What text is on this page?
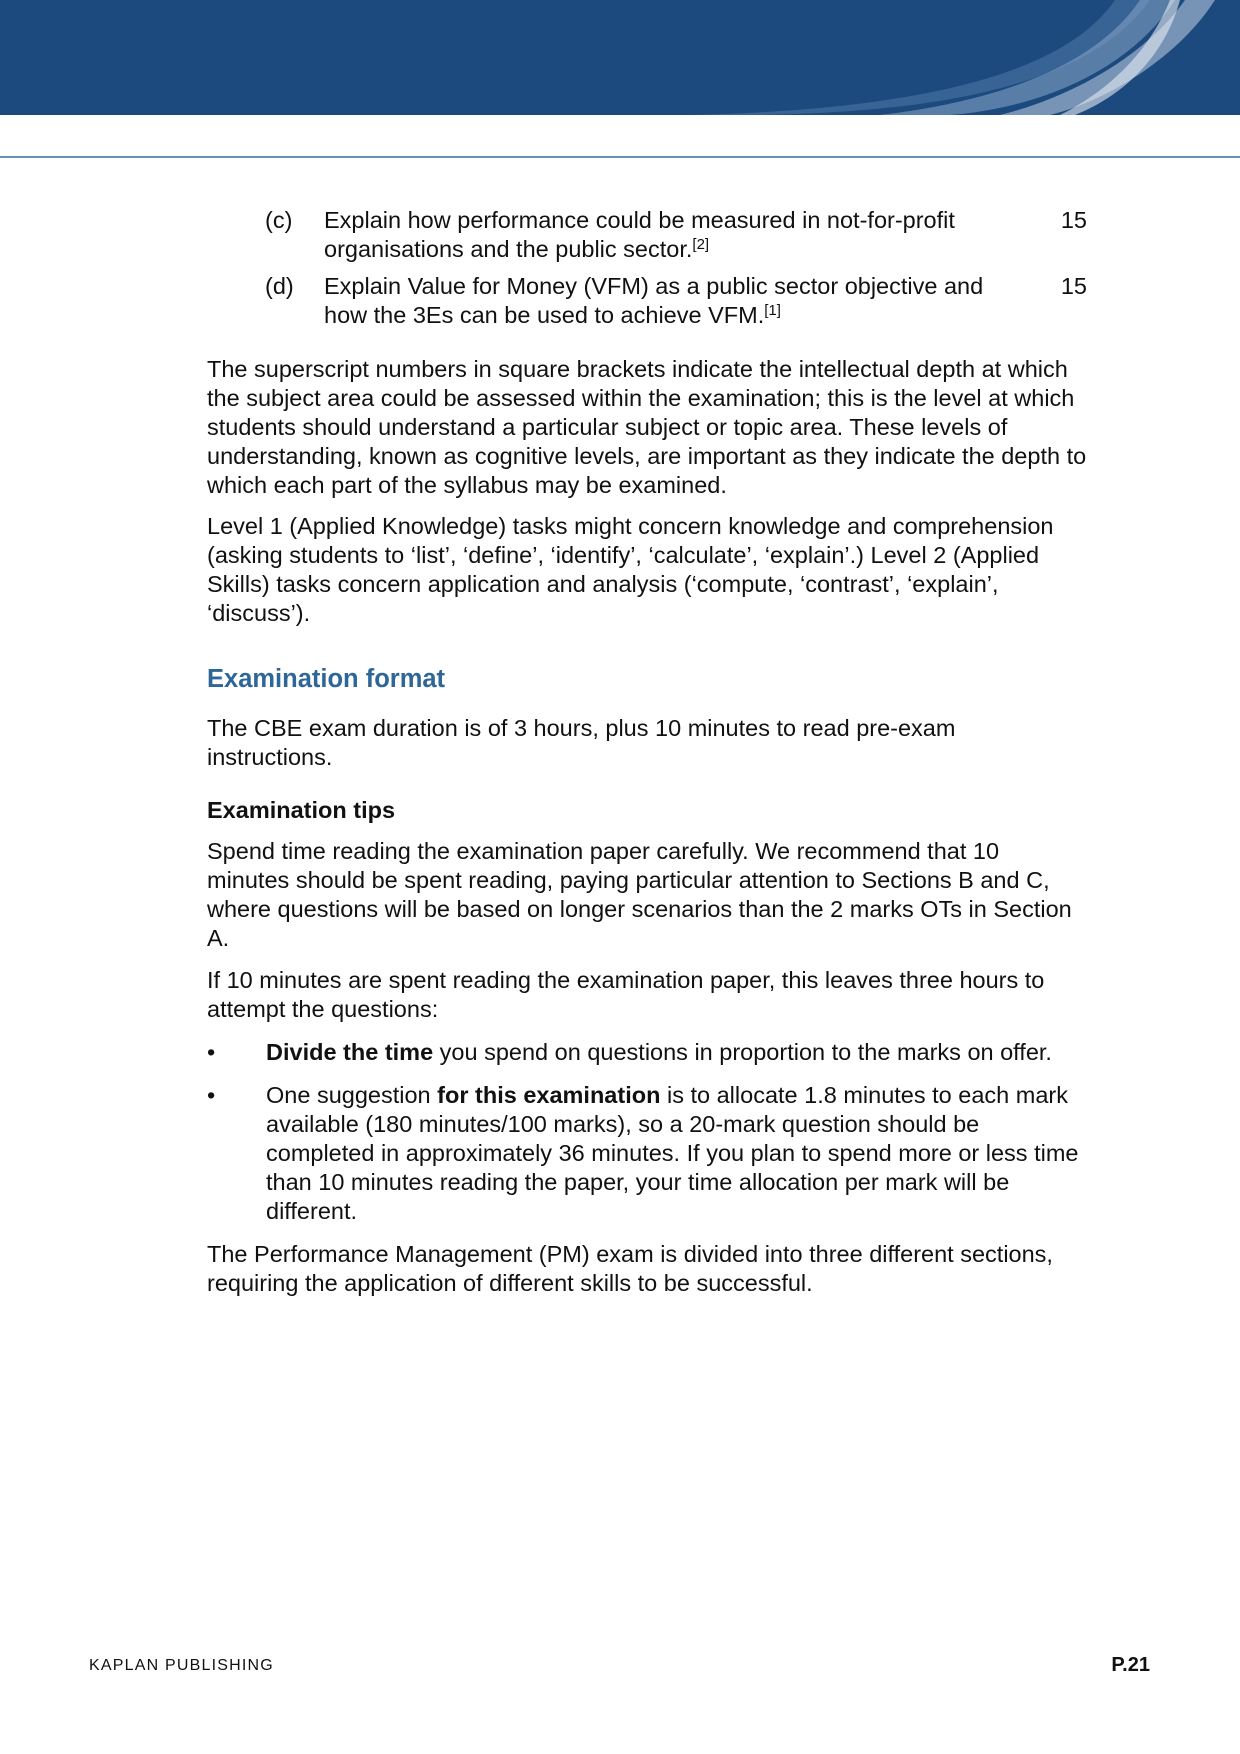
(c) Explain how performance could be measured in not-for-profit organisations and the public sector.[2]
15
(d) Explain Value for Money (VFM) as a public sector objective and how the 3Es can be used to achieve VFM.[1]
15

The superscript numbers in square brackets indicate the intellectual depth at which the subject area could be assessed within the examination; this is the level at which students should understand a particular subject or topic area. These levels of understanding, known as cognitive levels, are important as they indicate the depth to which each part of the syllabus may be examined.

Level 1 (Applied Knowledge) tasks might concern knowledge and comprehension (asking students to ‘list’, ‘define’, ‘identify’, ‘calculate’, ‘explain’.) Level 2 (Applied Skills) tasks concern application and analysis (‘compute, ‘contrast’, ‘explain’, ‘discuss’).

Examination format

The CBE exam duration is of 3 hours, plus 10 minutes to read pre-exam instructions.

Examination tips

Spend time reading the examination paper carefully. We recommend that 10 minutes should be spent reading, paying particular attention to Sections B and C, where questions will be based on longer scenarios than the 2 marks OTs in Section A.

If 10 minutes are spent reading the examination paper, this leaves three hours to attempt the questions:

• Divide the time you spend on questions in proportion to the marks on offer.
• One suggestion for this examination is to allocate 1.8 minutes to each mark available (180 minutes/100 marks), so a 20-mark question should be completed in approximately 36 minutes. If you plan to spend more or less time than 10 minutes reading the paper, your time allocation per mark will be different.

The Performance Management (PM) exam is divided into three different sections, requiring the application of different skills to be successful.

KAPLAN PUBLISHING	P.21
